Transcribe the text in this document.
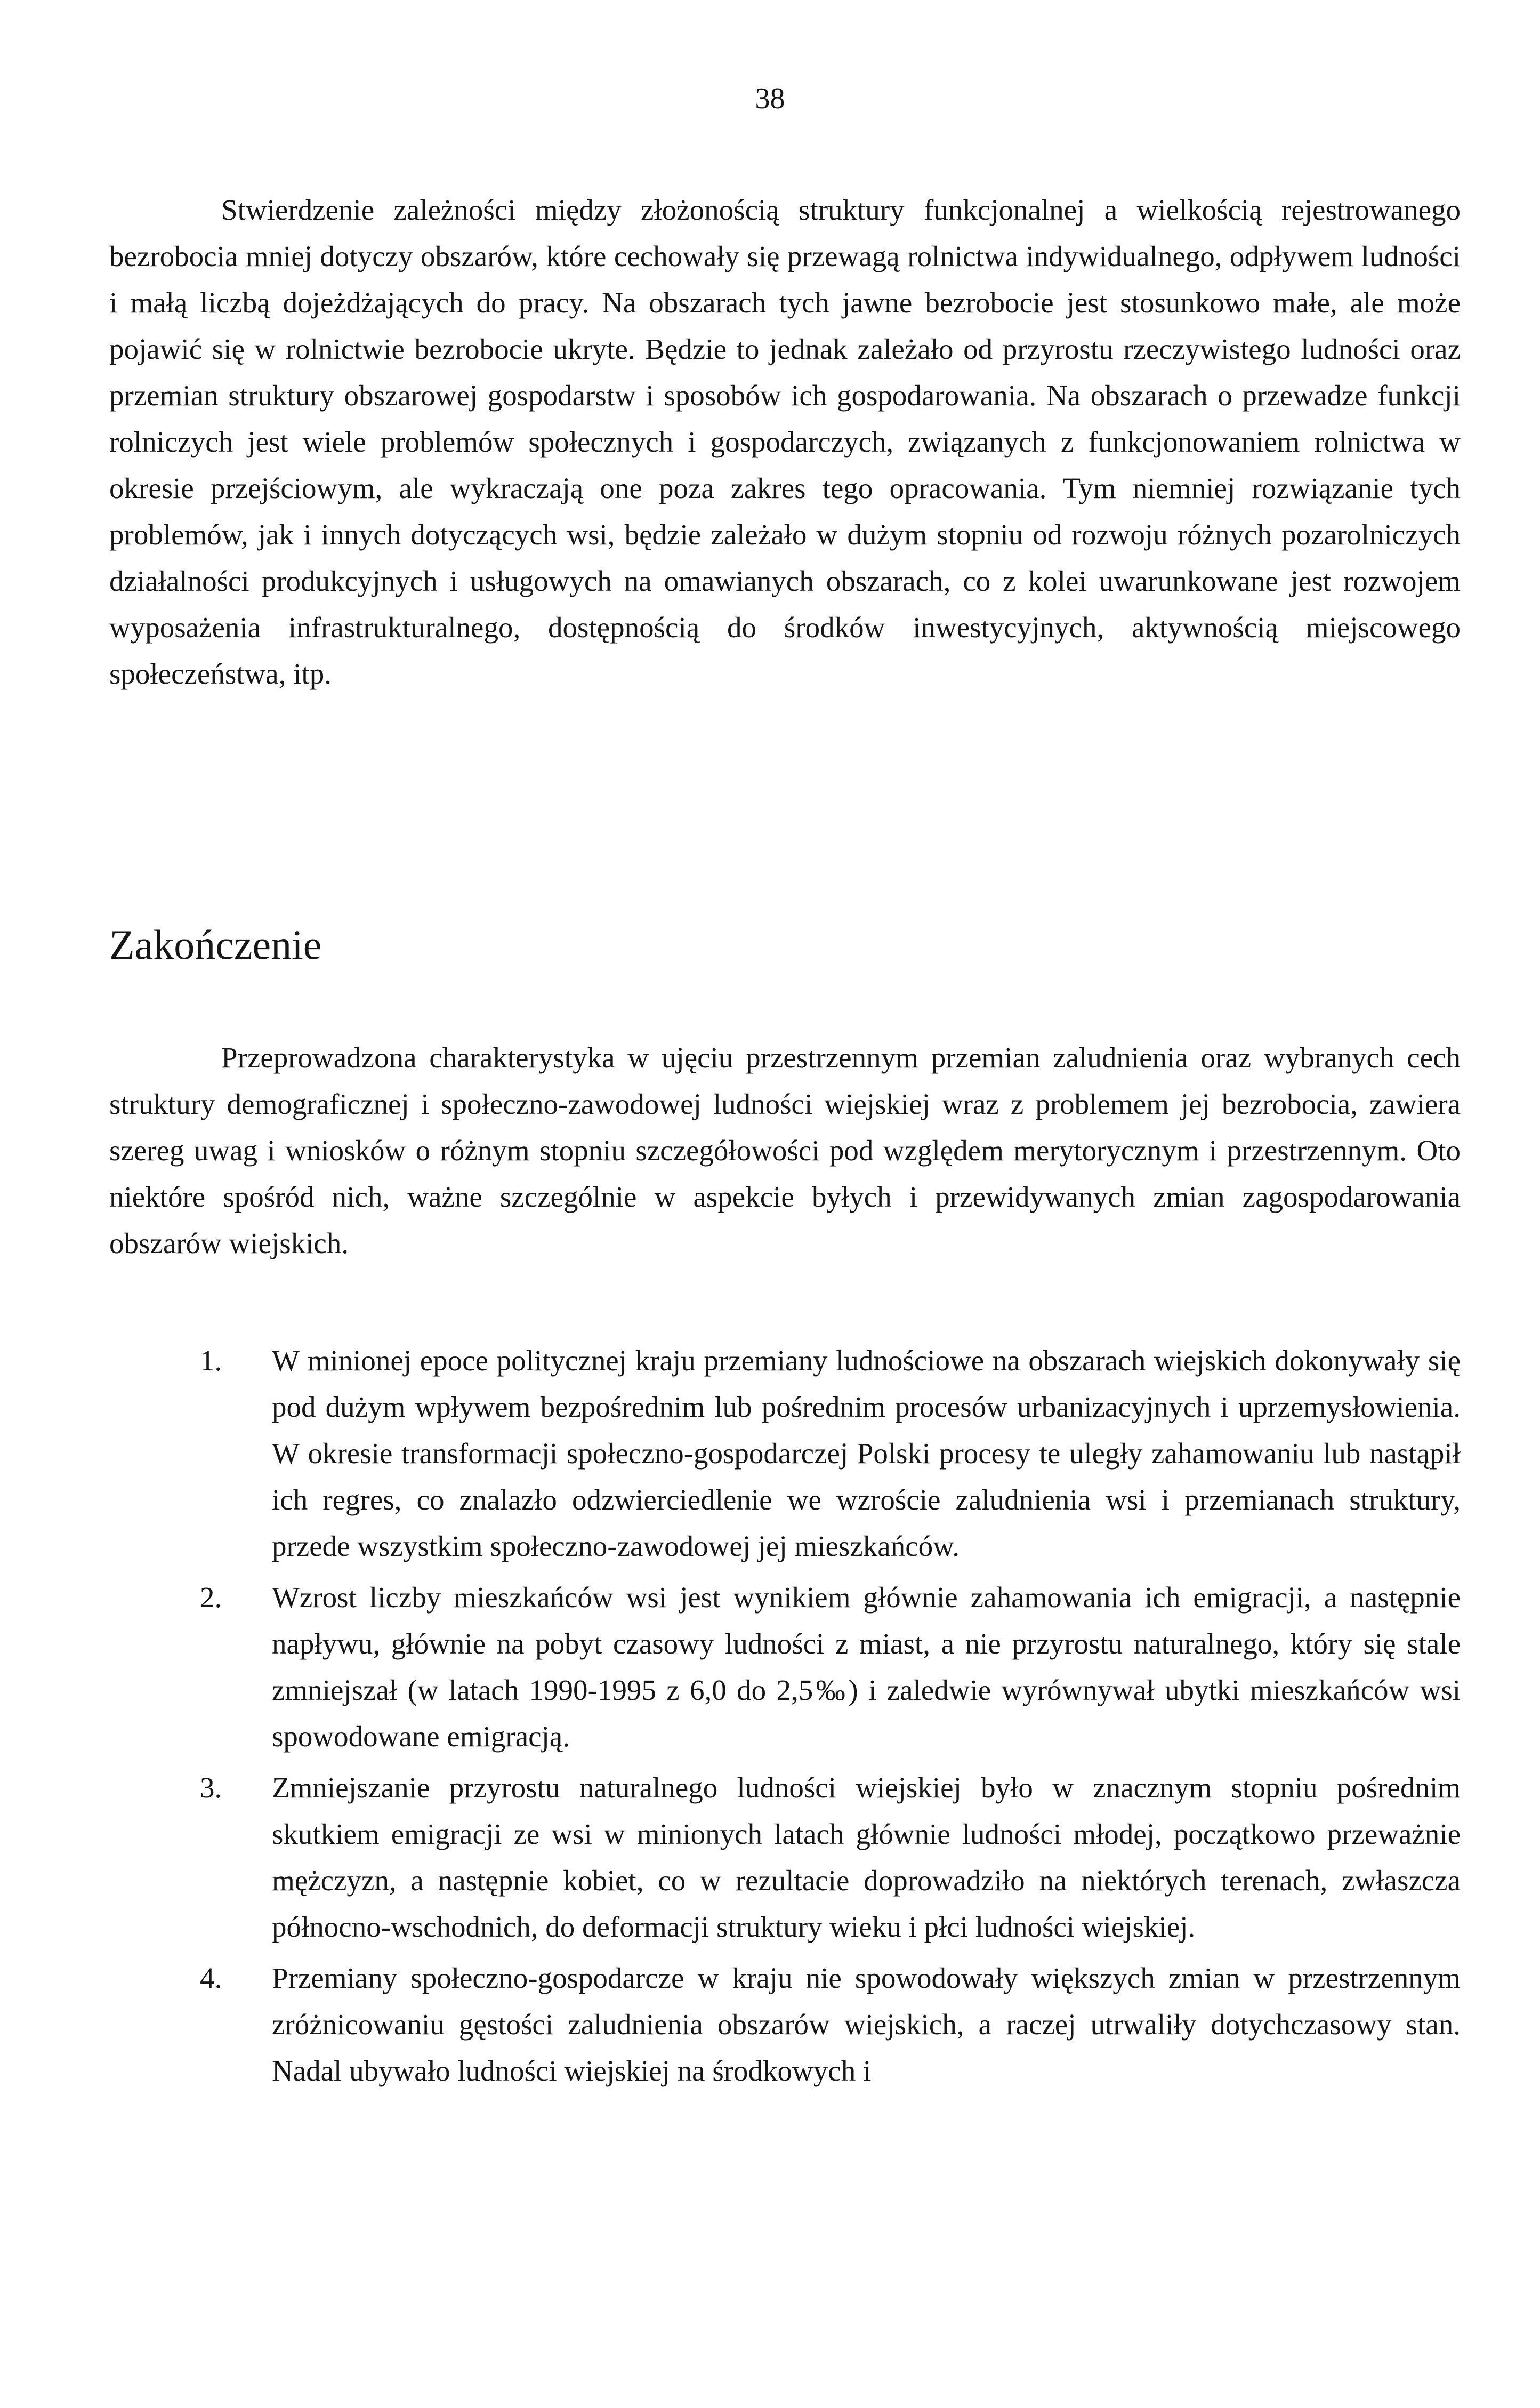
38

Stwierdzenie zależności między złożonością struktury funkcjonalnej a wielkością rejestrowanego bezrobocia mniej dotyczy obszarów, które cechowały się przewagą rolnictwa indywidualnego, odpływem ludności i małą liczbą dojeżdżających do pracy. Na obszarach tych jawne bezrobocie jest stosunkowo małe, ale może pojawić się w rolnictwie bezrobocie ukryte. Będzie to jednak zależało od przyrostu rzeczywistego ludności oraz przemian struktury obszarowej gospodarstw i sposobów ich gospodarowania. Na obszarach o przewadze funkcji rolniczych jest wiele problemów społecznych i gospodarczych, związanych z funkcjonowaniem rolnictwa w okresie przejściowym, ale wykraczają one poza zakres tego opracowania. Tym niemniej rozwiązanie tych problemów, jak i innych dotyczących wsi, będzie zależało w dużym stopniu od rozwoju różnych pozarolniczych działalności produkcyjnych i usługowych na omawianych obszarach, co z kolei uwarunkowane jest rozwojem wyposażenia infrastrukturalnego, dostępnością do środków inwestycyjnych, aktywnością miejscowego społeczeństwa, itp.

Zakończenie

Przeprowadzona charakterystyka w ujęciu przestrzennym przemian zaludnienia oraz wybranych cech struktury demograficznej i społeczno-zawodowej ludności wiejskiej wraz z problemem jej bezrobocia, zawiera szereg uwag i wniosków o różnym stopniu szczegółowości pod względem merytorycznym i przestrzennym. Oto niektóre spośród nich, ważne szczególnie w aspekcie byłych i przewidywanych zmian zagospodarowania obszarów wiejskich.

1.	W minionej epoce politycznej kraju przemiany ludnościowe na obszarach wiejskich dokonywały się pod dużym wpływem bezpośrednim lub pośrednim procesów urbanizacyjnych i uprzemysłowienia. W okresie transformacji społeczno-gospodarczej Polski procesy te uległy zahamowaniu lub nastąpił ich regres, co znalazło odzwierciedlenie we wzroście zaludnienia wsi i przemianach struktury, przede wszystkim społeczno-zawodowej jej mieszkańców.
2.	Wzrost liczby mieszkańców wsi jest wynikiem głównie zahamowania ich emigracji, a następnie napływu, głównie na pobyt czasowy ludności z miast, a nie przyrostu naturalnego, który się stale zmniejszał (w latach 1990-1995 z 6,0 do 2,5‰) i zaledwie wyrównywał ubytki mieszkańców wsi spowodowane emigracją.
3.	Zmniejszanie przyrostu naturalnego ludności wiejskiej było w znacznym stopniu pośrednim skutkiem emigracji ze wsi w minionych latach głównie ludności młodej, początkowo przeważnie mężczyzn, a następnie kobiet, co w rezultacie doprowadziło na niektórych terenach, zwłaszcza północno-wschodnich, do deformacji struktury wieku i płci ludności wiejskiej.
4.	Przemiany społeczno-gospodarcze w kraju nie spowodowały większych zmian w przestrzennym zróżnicowaniu gęstości zaludnienia obszarów wiejskich, a raczej utrwaliły dotychczasowy stan. Nadal ubywało ludności wiejskiej na środkowych i
